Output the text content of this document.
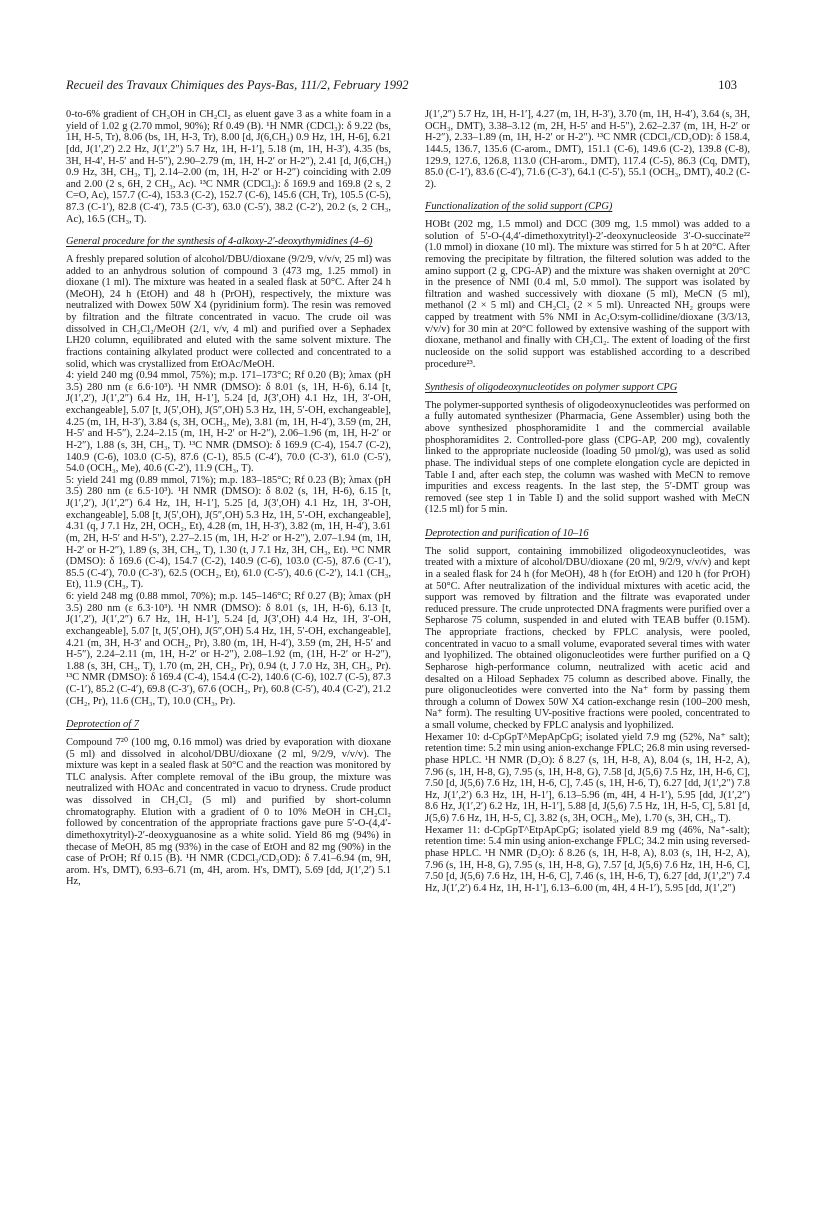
Recueil des Travaux Chimiques des Pays-Bas, 111/2, February 1992	103

0-to-6% gradient of CH₃OH in CH₂Cl₂ as eluent gave 3 as a white foam in a yield of 1.02 g (2.70 mmol, 90%); Rf 0.49 (B). ¹H NMR (CDCl₃): δ 9.22 (bs, 1H, H-5, Tr), 8.06 (bs, 1H, H-3, Tr), 8.00 [d, J(6,CH₃) 0.9 Hz, 1H, H-6], 6.21 [dd, J(1′,2′) 2.2 Hz, J(1′,2″) 5.7 Hz, 1H, H-1′], 5.18 (m, 1H, H-3′), 4.35 (bs, 3H, H-4′, H-5′ and H-5″), 2.90–2.79 (m, 1H, H-2′ or H-2″), 2.41 [d, J(6,CH₃) 0.9 Hz, 3H, CH₃, T], 2.14–2.00 (m, 1H, H-2′ or H-2″) coinciding with 2.09 and 2.00 (2 s, 6H, 2 CH₃, Ac). ¹³C NMR (CDCl₃): δ 169.9 and 169.8 (2 s, 2 C=O, Ac), 157.7 (C-4), 153.3 (C-2), 152.7 (C-6), 145.6 (CH, Tr), 105.5 (C-5), 87.3 (C-1′), 82.8 (C-4′), 73.5 (C-3′), 63.0 (C-5′), 38.2 (C-2′), 20.2 (s, 2 CH₃, Ac), 16.5 (CH₃, T).

General procedure for the synthesis of 4-alkoxy-2′-deoxythymidines (4–6)

A freshly prepared solution of alcohol/DBU/dioxane (9/2/9, v/v/v, 25 ml) was added to an anhydrous solution of compound 3 (473 mg, 1.25 mmol) in dioxane (1 ml). The mixture was heated in a sealed flask at 50°C. After 24 h (MeOH), 24 h (EtOH) and 48 h (PrOH), respectively, the mixture was neutralized with Dowex 50W X4 (pyridinium form). The resin was removed by filtration and the filtrate concentrated in vacuo. The crude oil was dissolved in CH₂Cl₂/MeOH (2/1, v/v, 4 ml) and purified over a Sephadex LH20 column, equilibrated and eluted with the same solvent mixture. The fractions containing alkylated product were collected and concentrated to a solid, which was crystallized from EtOAc/MeOH.

4: yield 240 mg (0.94 mmol, 75%); m.p. 171–173°C; Rf 0.20 (B); λmax (pH 3.5) 280 nm (ε 6.6·10³). ¹H NMR (DMSO): δ 8.01 (s, 1H, H-6), 6.14 [t, J(1′,2′), J(1′,2″) 6.4 Hz, 1H, H-1′], 5.24 [d, J(3′,OH) 4.1 Hz, 1H, 3′-OH, exchangeable], 5.07 [t, J(5′,OH), J(5″,OH) 5.3 Hz, 1H, 5′-OH, exchangeable], 4.25 (m, 1H, H-3′), 3.84 (s, 3H, OCH₃, Me), 3.81 (m, 1H, H-4′), 3.59 (m, 2H, H-5′ and H-5″), 2.24–2.15 (m, 1H, H-2′ or H-2″), 2.06–1.96 (m, 1H, H-2′ or H-2″), 1.88 (s, 3H, CH₃, T). ¹³C NMR (DMSO): δ 169.9 (C-4), 154.7 (C-2), 140.9 (C-6), 103.0 (C-5), 87.6 (C-1), 85.5 (C-4′), 70.0 (C-3′), 61.0 (C-5′), 54.0 (OCH₃, Me), 40.6 (C-2′), 11.9 (CH₃, T).

5: yield 241 mg (0.89 mmol, 71%); m.p. 183–185°C; Rf 0.23 (B); λmax (pH 3.5) 280 nm (ε 6.5·10³). ¹H NMR (DMSO): δ 8.02 (s, 1H, H-6), 6.15 [t, J(1′,2′), J(1′,2″) 6.4 Hz, 1H, H-1′], 5.25 [d, J(3′,OH) 4.1 Hz, 1H, 3′-OH, exchangeable], 5.08 [t, J(5′,OH), J(5″,OH) 5.3 Hz, 1H, 5′-OH, exchangeable], 4.31 (q, J 7.1 Hz, 2H, OCH₂, Et), 4.28 (m, 1H, H-3′), 3.82 (m, 1H, H-4′), 3.61 (m, 2H, H-5′ and H-5″), 2.27–2.15 (m, 1H, H-2′ or H-2″), 2.07–1.94 (m, 1H, H-2′ or H-2″), 1.89 (s, 3H, CH₃, T), 1.30 (t, J 7.1 Hz, 3H, CH₃, Et). ¹³C NMR (DMSO): δ 169.6 (C-4), 154.7 (C-2), 140.9 (C-6), 103.0 (C-5), 87.6 (C-1′), 85.5 (C-4′), 70.0 (C-3′), 62.5 (OCH₂, Et), 61.0 (C-5′), 40.6 (C-2′), 14.1 (CH₃, Et), 11.9 (CH₃, T).

6: yield 248 mg (0.88 mmol, 70%); m.p. 145–146°C; Rf 0.27 (B); λmax (pH 3.5) 280 nm (ε 6.3·10³). ¹H NMR (DMSO): δ 8.01 (s, 1H, H-6), 6.13 [t, J(1′,2′), J(1′,2″) 6.7 Hz, 1H, H-1′], 5.24 [d, J(3′,OH) 4.4 Hz, 1H, 3′-OH, exchangeable], 5.07 [t, J(5′,OH), J(5″,OH) 5.4 Hz, 1H, 5′-OH, exchangeable], 4.21 (m, 3H, H-3′ and OCH₂, Pr), 3.80 (m, 1H, H-4′), 3.59 (m, 2H, H-5′ and H-5″), 2.24–2.11 (m, 1H, H-2′ or H-2″), 2.08–1.92 (m, (1H, H-2′ or H-2″), 1.88 (s, 3H, CH₃, T), 1.70 (m, 2H, CH₂, Pr), 0.94 (t, J 7.0 Hz, 3H, CH₃, Pr). ¹³C NMR (DMSO): δ 169.4 (C-4), 154.4 (C-2), 140.6 (C-6), 102.7 (C-5), 87.3 (C-1′), 85.2 (C-4′), 69.8 (C-3′), 67.6 (OCH₂, Pr), 60.8 (C-5′), 40.4 (C-2′), 21.2 (CH₂, Pr), 11.6 (CH₃, T), 10.0 (CH₃, Pr).

Deprotection of 7

Compound 7²⁰ (100 mg, 0.16 mmol) was dried by evaporation with dioxane (5 ml) and dissolved in alcohol/DBU/dioxane (2 ml, 9/2/9, v/v/v). The mixture was kept in a sealed flask at 50°C and the reaction was monitored by TLC analysis. After complete removal of the iBu group, the mixture was neutralized with HOAc and concentrated in vacuo to dryness. Crude product was dissolved in CH₂Cl₂ (5 ml) and purified by short-column chromatography. Elution with a gradient of 0 to 10% MeOH in CH₂Cl₂ followed by concentration of the appropriate fractions gave pure 5′-O-(4,4′-dimethoxytrityl)-2′-deoxyguanosine as a white solid. Yield 86 mg (94%) in thecase of MeOH, 85 mg (93%) in the case of EtOH and 82 mg (90%) in the case of PrOH; Rf 0.15 (B). ¹H NMR (CDCl₃/CD₃OD): δ 7.41–6.94 (m, 9H, arom. H's, DMT), 6.93–6.71 (m, 4H, arom. H's, DMT), 5.69 [dd, J(1′,2′) 5.1 Hz,

J(1′,2″) 5.7 Hz, 1H, H-1′], 4.27 (m, 1H, H-3′), 3.70 (m, 1H, H-4′), 3.64 (s, 3H, OCH₃, DMT), 3.38–3.12 (m, 2H, H-5′ and H-5″), 2.62–2.37 (m, 1H, H-2′ or H-2″), 2.33–1.89 (m, 1H, H-2′ or H-2″). ¹³C NMR (CDCl₃/CD₃OD): δ 158.4, 144.5, 136.7, 135.6 (C-arom., DMT), 151.1 (C-6), 149.6 (C-2), 139.8 (C-8), 129.9, 127.6, 126.8, 113.0 (CH-arom., DMT), 117.4 (C-5), 86.3 (Cq, DMT), 85.0 (C-1′), 83.6 (C-4′), 71.6 (C-3′), 64.1 (C-5′), 55.1 (OCH₃, DMT), 40.2 (C-2).

Functionalization of the solid support (CPG)

HOBt (202 mg, 1.5 mmol) and DCC (309 mg, 1.5 mmol) was added to a solution of 5′-O-(4,4′-dimethoxytrityl)-2′-deoxynucleoside 3′-O-succinate²² (1.0 mmol) in dioxane (10 ml). The mixture was stirred for 5 h at 20°C. After removing the precipitate by filtration, the filtered solution was added to the amino support (2 g, CPG-AP) and the mixture was shaken overnight at 20°C in the presence of NMI (0.4 ml, 5.0 mmol). The support was isolated by filtration and washed successively with dioxane (5 ml), MeCN (5 ml), methanol (2 × 5 ml) and CH₂Cl₂ (2 × 5 ml). Unreacted NH₂ groups were capped by treatment with 5% NMI in Ac₂O:sym-collidine/dioxane (3/3/13, v/v/v) for 30 min at 20°C followed by extensive washing of the support with dioxane, methanol and finally with CH₂Cl₂. The extent of loading of the first nucleoside on the solid support was established according to a described procedure²³.

Synthesis of oligodeoxynucleotides on polymer support CPG

The polymer-supported synthesis of oligodeoxynucleotides was performed on a fully automated synthesizer (Pharmacia, Gene Assembler) using both the above synthesized phosphoramidite 1 and the commercial available phosphoramidites 2. Controlled-pore glass (CPG-AP, 200 mg), covalently linked to the appropriate nucleoside (loading 50 µmol/g), was used as solid phase. The individual steps of one complete elongation cycle are depicted in Table I and, after each step, the column was washed with MeCN to remove impurities and excess reagents. In the last step, the 5′-DMT group was removed (see step 1 in Table I) and the solid support washed with MeCN (12.5 ml) for 5 min.

Deprotection and purification of 10–16

The solid support, containing immobilized oligodeoxynucleotides, was treated with a mixture of alcohol/DBU/dioxane (20 ml, 9/2/9, v/v/v) and kept in a sealed flask for 24 h (for MeOH), 48 h (for EtOH) and 120 h (for PrOH) at 50°C. After neutralization of the individual mixtures with acetic acid, the support was removed by filtration and the filtrate was evaporated under reduced pressure. The crude unprotected DNA fragments were purified over a Sepharose 75 column, suspended in and eluted with TEAB buffer (0.15M). The appropriate fractions, checked by FPLC analysis, were pooled, concentrated in vacuo to a small volume, evaporated several times with water and lyophilized. The obtained oligonucleotides were further purified on a Q Sepharose high-performance column, neutralized with acetic acid and desalted on a Hiload Sephadex 75 column as described above. Finally, the pure oligonucleotides were converted into the Na⁺ form by passing them through a column of Dowex 50W X4 cation-exchange resin (100–200 mesh, Na⁺ form). The resulting UV-positive fractions were pooled, concentrated to a small volume, checked by FPLC analysis and lyophilized.

Hexamer 10: d-CpGpT^MepApCpG; isolated yield 7.9 mg (52%, Na⁺ salt); retention time: 5.2 min using anion-exchange FPLC; 26.8 min using reversed-phase HPLC. ¹H NMR (D₂O): δ 8.27 (s, 1H, H-8, A), 8.04 (s, 1H, H-2, A), 7.96 (s, 1H, H-8, G), 7.95 (s, 1H, H-8, G), 7.58 [d, J(5,6) 7.5 Hz, 1H, H-6, C], 7.50 [d, J(5,6) 7.6 Hz, 1H, H-6, C], 7.45 (s, 1H, H-6, T), 6.27 [dd, J(1′,2″) 7.8 Hz, J(1′,2′) 6.3 Hz, 1H, H-1′], 6.13–5.96 (m, 4H, 4 H-1′), 5.95 [dd, J(1′,2″) 8.6 Hz, J(1′,2′) 6.2 Hz, 1H, H-1′], 5.88 [d, J(5,6) 7.5 Hz, 1H, H-5, C], 5.81 [d, J(5,6) 7.6 Hz, 1H, H-5, C], 3.82 (s, 3H, OCH₃, Me), 1.70 (s, 3H, CH₃, T).

Hexamer 11: d-CpGpT^EtpApCpG; isolated yield 8.9 mg (46%, Na⁺-salt); retention time: 5.4 min using anion-exchange FPLC; 34.2 min using reversed-phase HPLC. ¹H NMR (D₂O): δ 8.26 (s, 1H, H-8, A), 8.03 (s, 1H, H-2, A), 7.96 (s, 1H, H-8, G), 7.95 (s, 1H, H-8, G), 7.57 [d, J(5,6) 7.6 Hz, 1H, H-6, C], 7.50 [d, J(5,6) 7.6 Hz, 1H, H-6, C], 7.46 (s, 1H, H-6, T), 6.27 [dd, J(1′,2″) 7.4 Hz, J(1′,2′) 6.4 Hz, 1H, H-1′], 6.13–6.00 (m, 4H, 4 H-1′), 5.95 [dd, J(1′,2″)
